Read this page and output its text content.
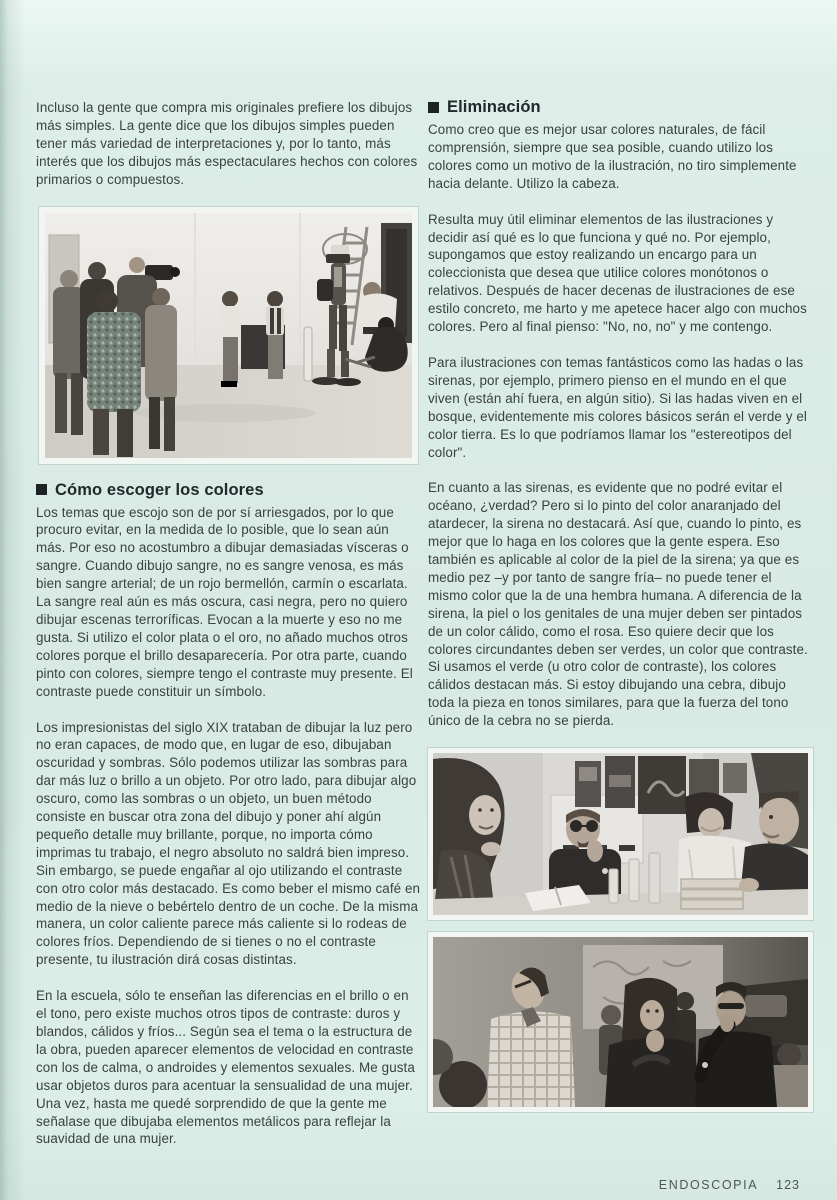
Incluso la gente que compra mis originales prefiere los dibujos más simples. La gente dice que los dibujos simples pueden tener más variedad de interpretaciones y, por lo tanto, más interés que los dibujos más espectaculares hechos con colores primarios o compuestos.

Cómo escoger los colores

Los temas que escojo son de por sí arriesgados, por lo que procuro evitar, en la medida de lo posible, que lo sean aún más. Por eso no acostumbro a dibujar demasiadas vísceras o sangre. Cuando dibujo sangre, no es sangre venosa, es más bien sangre arterial; de un rojo bermellón, carmín o escarlata. La sangre real aún es más oscura, casi negra, pero no quiero dibujar escenas terroríficas. Evocan a la muerte y eso no me gusta. Si utilizo el color plata o el oro, no añado muchos otros colores porque el brillo desaparecería. Por otra parte, cuando pinto con colores, siempre tengo el contraste muy presente. El contraste puede constituir un símbolo.

Los impresionistas del siglo XIX trataban de dibujar la luz pero no eran capaces, de modo que, en lugar de eso, dibujaban oscuridad y sombras. Sólo podemos utilizar las sombras para dar más luz o brillo a un objeto. Por otro lado, para dibujar algo oscuro, como las sombras o un objeto, un buen método consiste en buscar otra zona del dibujo y poner ahí algún pequeño detalle muy brillante, porque, no importa cómo imprimas tu trabajo, el negro absoluto no saldrá bien impreso. Sin embargo, se puede engañar al ojo utilizando el contraste con otro color más destacado. Es como beber el mismo café en medio de la nieve o bebértelo dentro de un coche. De la misma manera, un color caliente parece más caliente si lo rodeas de colores fríos. Dependiendo de si tienes o no el contraste presente, tu ilustración dirá cosas distintas.

En la escuela, sólo te enseñan las diferencias en el brillo o en el tono, pero existe muchos otros tipos de contraste: duros y blandos, cálidos y fríos... Según sea el tema o la estructura de la obra, pueden aparecer elementos de velocidad en contraste con los de calma, o androides y elementos sexuales. Me gusta usar objetos duros para acentuar la sensualidad de una mujer. Una vez, hasta me quedé sorprendido de que la gente me señalase que dibujaba elementos metálicos para reflejar la suavidad de una mujer.

Eliminación

Como creo que es mejor usar colores naturales, de fácil comprensión, siempre que sea posible, cuando utilizo los colores como un motivo de la ilustración, no tiro simplemente hacia delante. Utilizo la cabeza.

Resulta muy útil eliminar elementos de las ilustraciones y decidir así qué es lo que funciona y qué no. Por ejemplo, supongamos que estoy realizando un encargo para un coleccionista que desea que utilice colores monótonos o relativos. Después de hacer decenas de ilustraciones de ese estilo concreto, me harto y me apetece hacer algo con muchos colores. Pero al final pienso: "No, no, no" y me contengo.

Para ilustraciones con temas fantásticos como las hadas o las sirenas, por ejemplo, primero pienso en el mundo en el que viven (están ahí fuera, en algún sitio). Si las hadas viven en el bosque, evidentemente mis colores básicos serán el verde y el color tierra. Es lo que podríamos llamar los "estereotipos del color".

En cuanto a las sirenas, es evidente que no podré evitar el océano, ¿verdad? Pero si lo pinto del color anaranjado del atardecer, la sirena no destacará. Así que, cuando lo pinto, es mejor que lo haga en los colores que la gente espera. Eso también es aplicable al color de la piel de la sirena; ya que es medio pez –y por tanto de sangre fría– no puede tener el mismo color que la de una hembra humana. A diferencia de la sirena, la piel o los genitales de una mujer deben ser pintados de un color cálido, como el rosa. Eso quiere decir que los colores circundantes deben ser verdes, un color que contraste. Si usamos el verde (u otro color de contraste), los colores cálidos destacan más. Si estoy dibujando una cebra, dibujo toda la pieza en tonos similares, para que la fuerza del tono único de la cebra no se pierda.

ENDOSCOPIA 123
